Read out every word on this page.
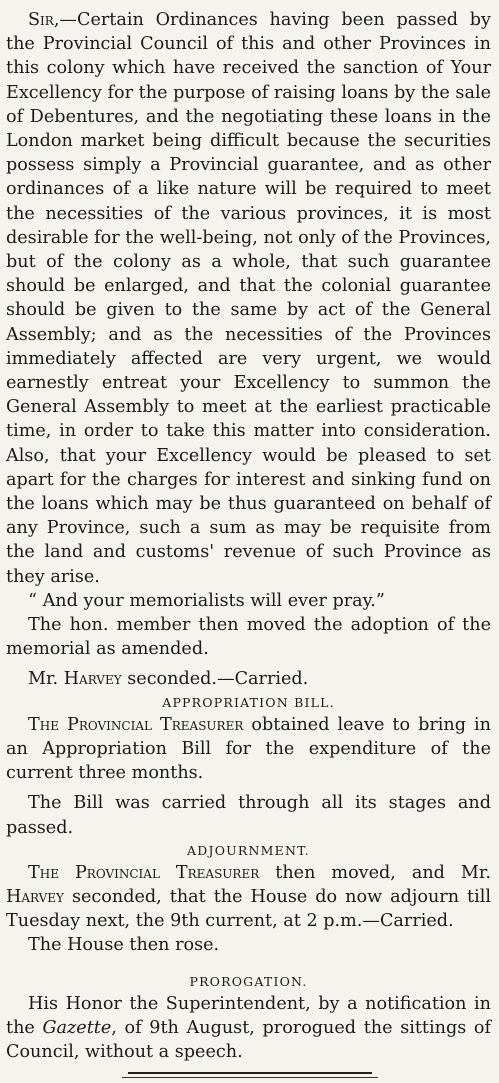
Sir,—Certain Ordinances having been passed by the Provincial Council of this and other Provinces in this colony which have received the sanction of Your Excellency for the purpose of raising loans by the sale of Debentures, and the negotiating these loans in the London market being difficult because the securities possess simply a Provincial guarantee, and as other ordinances of a like nature will be required to meet the necessities of the various provinces, it is most desirable for the well-being, not only of the Provinces, but of the colony as a whole, that such guarantee should be enlarged, and that the colonial guarantee should be given to the same by act of the General Assembly; and as the necessities of the Provinces immediately affected are very urgent, we would earnestly entreat your Excellency to summon the General Assembly to meet at the earliest practicable time, in order to take this matter into consideration. Also, that your Excellency would be pleased to set apart for the charges for interest and sinking fund on the loans which may be thus guaranteed on behalf of any Province, such a sum as may be requisite from the land and customs' revenue of such Province as they arise.

“ And your memorialists will ever pray.”

The hon. member then moved the adoption of the memorial as amended.

Mr. Harvey seconded.—Carried.

APPROPRIATION BILL.

The Provincial Treasurer obtained leave to bring in an Appropriation Bill for the expenditure of the current three months.

The Bill was carried through all its stages and passed.

ADJOURNMENT.

The Provincial Treasurer then moved, and Mr. Harvey seconded, that the House do now adjourn till Tuesday next, the 9th current, at 2 p.m.—Carried.

The House then rose.

PROROGATION.

His Honor the Superintendent, by a notification in the Gazette, of 9th August, prorogued the sittings of Council, without a speech.
